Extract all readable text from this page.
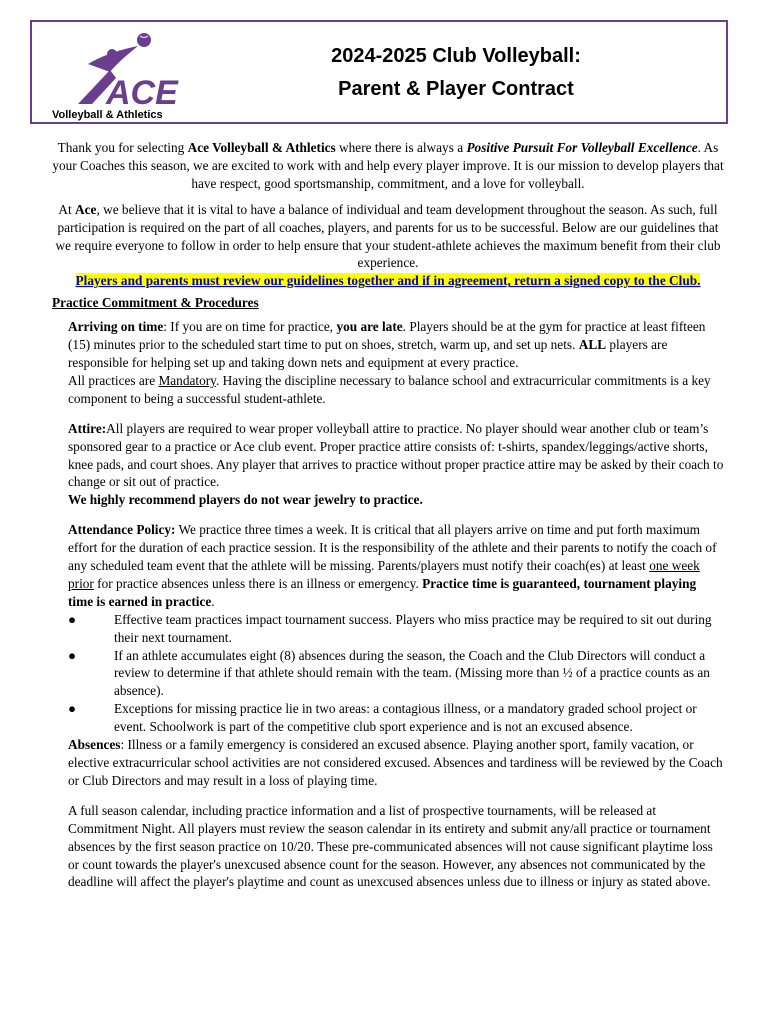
ACE
Volleyball & Athletics
2024-2025 Club Volleyball:
Parent & Player Contract

Thank you for selecting Ace Volleyball & Athletics where there is always a Positive Pursuit For Volleyball Excellence. As your Coaches this season, we are excited to work with and help every player improve. It is our mission to develop players that have respect, good sportsmanship, commitment, and a love for volleyball.

At Ace, we believe that it is vital to have a balance of individual and team development throughout the season. As such, full participation is required on the part of all coaches, players, and parents for us to be successful. Below are our guidelines that we require everyone to follow in order to help ensure that your student-athlete achieves the maximum benefit from their club experience.

Players and parents must review our guidelines together and if in agreement, return a signed copy to the Club.

Practice Commitment & Procedures

Arriving on time: If you are on time for practice, you are late. Players should be at the gym for practice at least fifteen (15) minutes prior to the scheduled start time to put on shoes, stretch, warm up, and set up nets. ALL players are responsible for helping set up and taking down nets and equipment at every practice.

All practices are Mandatory. Having the discipline necessary to balance school and extracurricular commitments is a key component to being a successful student-athlete.

Attire:All players are required to wear proper volleyball attire to practice. No player should wear another club or team’s sponsored gear to a practice or Ace club event. Proper practice attire consists of: t-shirts, spandex/leggings/active shorts, knee pads, and court shoes. Any player that arrives to practice without proper practice attire may be asked by their coach to change or sit out of practice.

We highly recommend players do not wear jewelry to practice.

Attendance Policy: We practice three times a week. It is critical that all players arrive on time and put forth maximum effort for the duration of each practice session. It is the responsibility of the athlete and their parents to notify the coach of any scheduled team event that the athlete will be missing. Parents/players must notify their coach(es) at least one week prior for practice absences unless there is an illness or emergency. Practice time is guaranteed, tournament playing time is earned in practice.

●	Effective team practices impact tournament success. Players who miss practice may be required to sit out during their next tournament.
●	If an athlete accumulates eight (8) absences during the season, the Coach and the Club Directors will conduct a review to determine if that athlete should remain with the team. (Missing more than ½ of a practice counts as an absence).
●	Exceptions for missing practice lie in two areas: a contagious illness, or a mandatory graded school project or event. Schoolwork is part of the competitive club sport experience and is not an excused absence.

Absences: Illness or a family emergency is considered an excused absence. Playing another sport, family vacation, or elective extracurricular school activities are not considered excused. Absences and tardiness will be reviewed by the Coach or Club Directors and may result in a loss of playing time.

A full season calendar, including practice information and a list of prospective tournaments, will be released at Commitment Night. All players must review the season calendar in its entirety and submit any/all practice or tournament absences by the first season practice on 10/20. These pre-communicated absences will not cause significant playtime loss or count towards the player's unexcused absence count for the season. However, any absences not communicated by the deadline will affect the player's playtime and count as unexcused absences unless due to illness or injury as stated above.
